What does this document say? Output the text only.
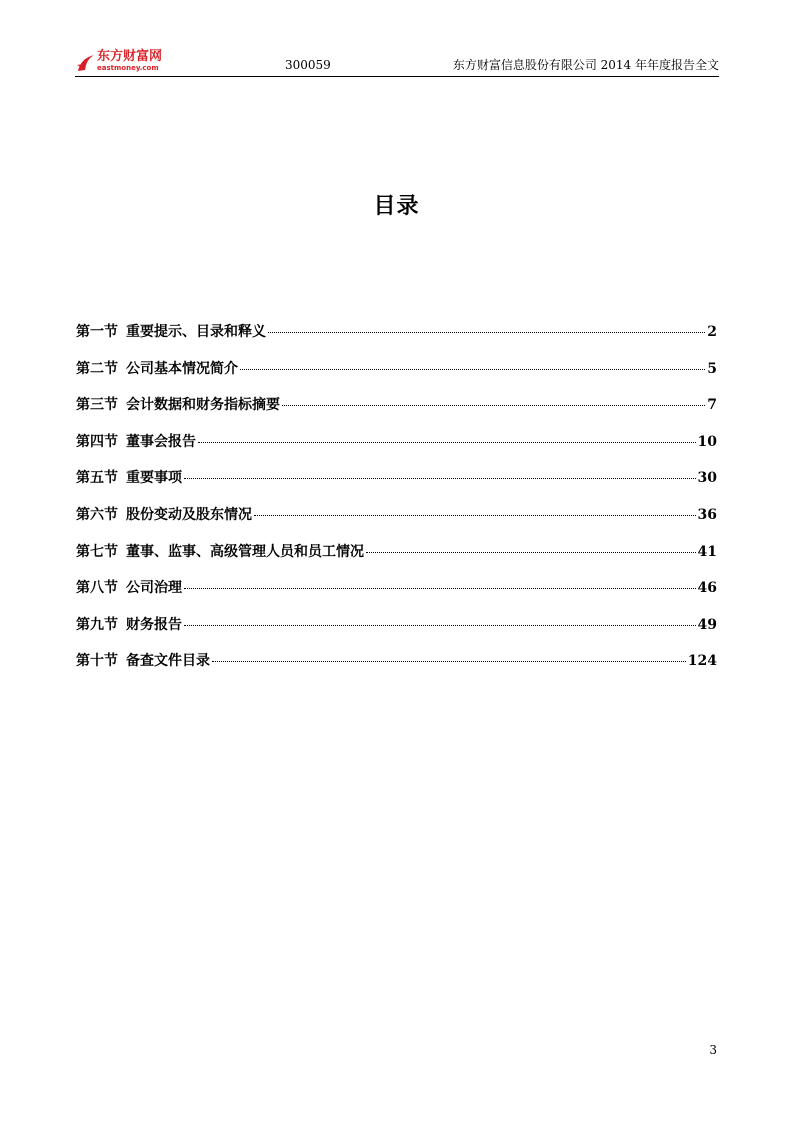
东方财富网
eastmoney.com	300059	东方财富信息股份有限公司 2014 年年度报告全文
目录
第一节 重要提示、目录和释义	2
第二节 公司基本情况简介	5
第三节 会计数据和财务指标摘要	7
第四节 董事会报告	10
第五节 重要事项	30
第六节 股份变动及股东情况	36
第七节 董事、监事、高级管理人员和员工情况	41
第八节 公司治理	46
第九节 财务报告	49
第十节 备查文件目录	124
3
